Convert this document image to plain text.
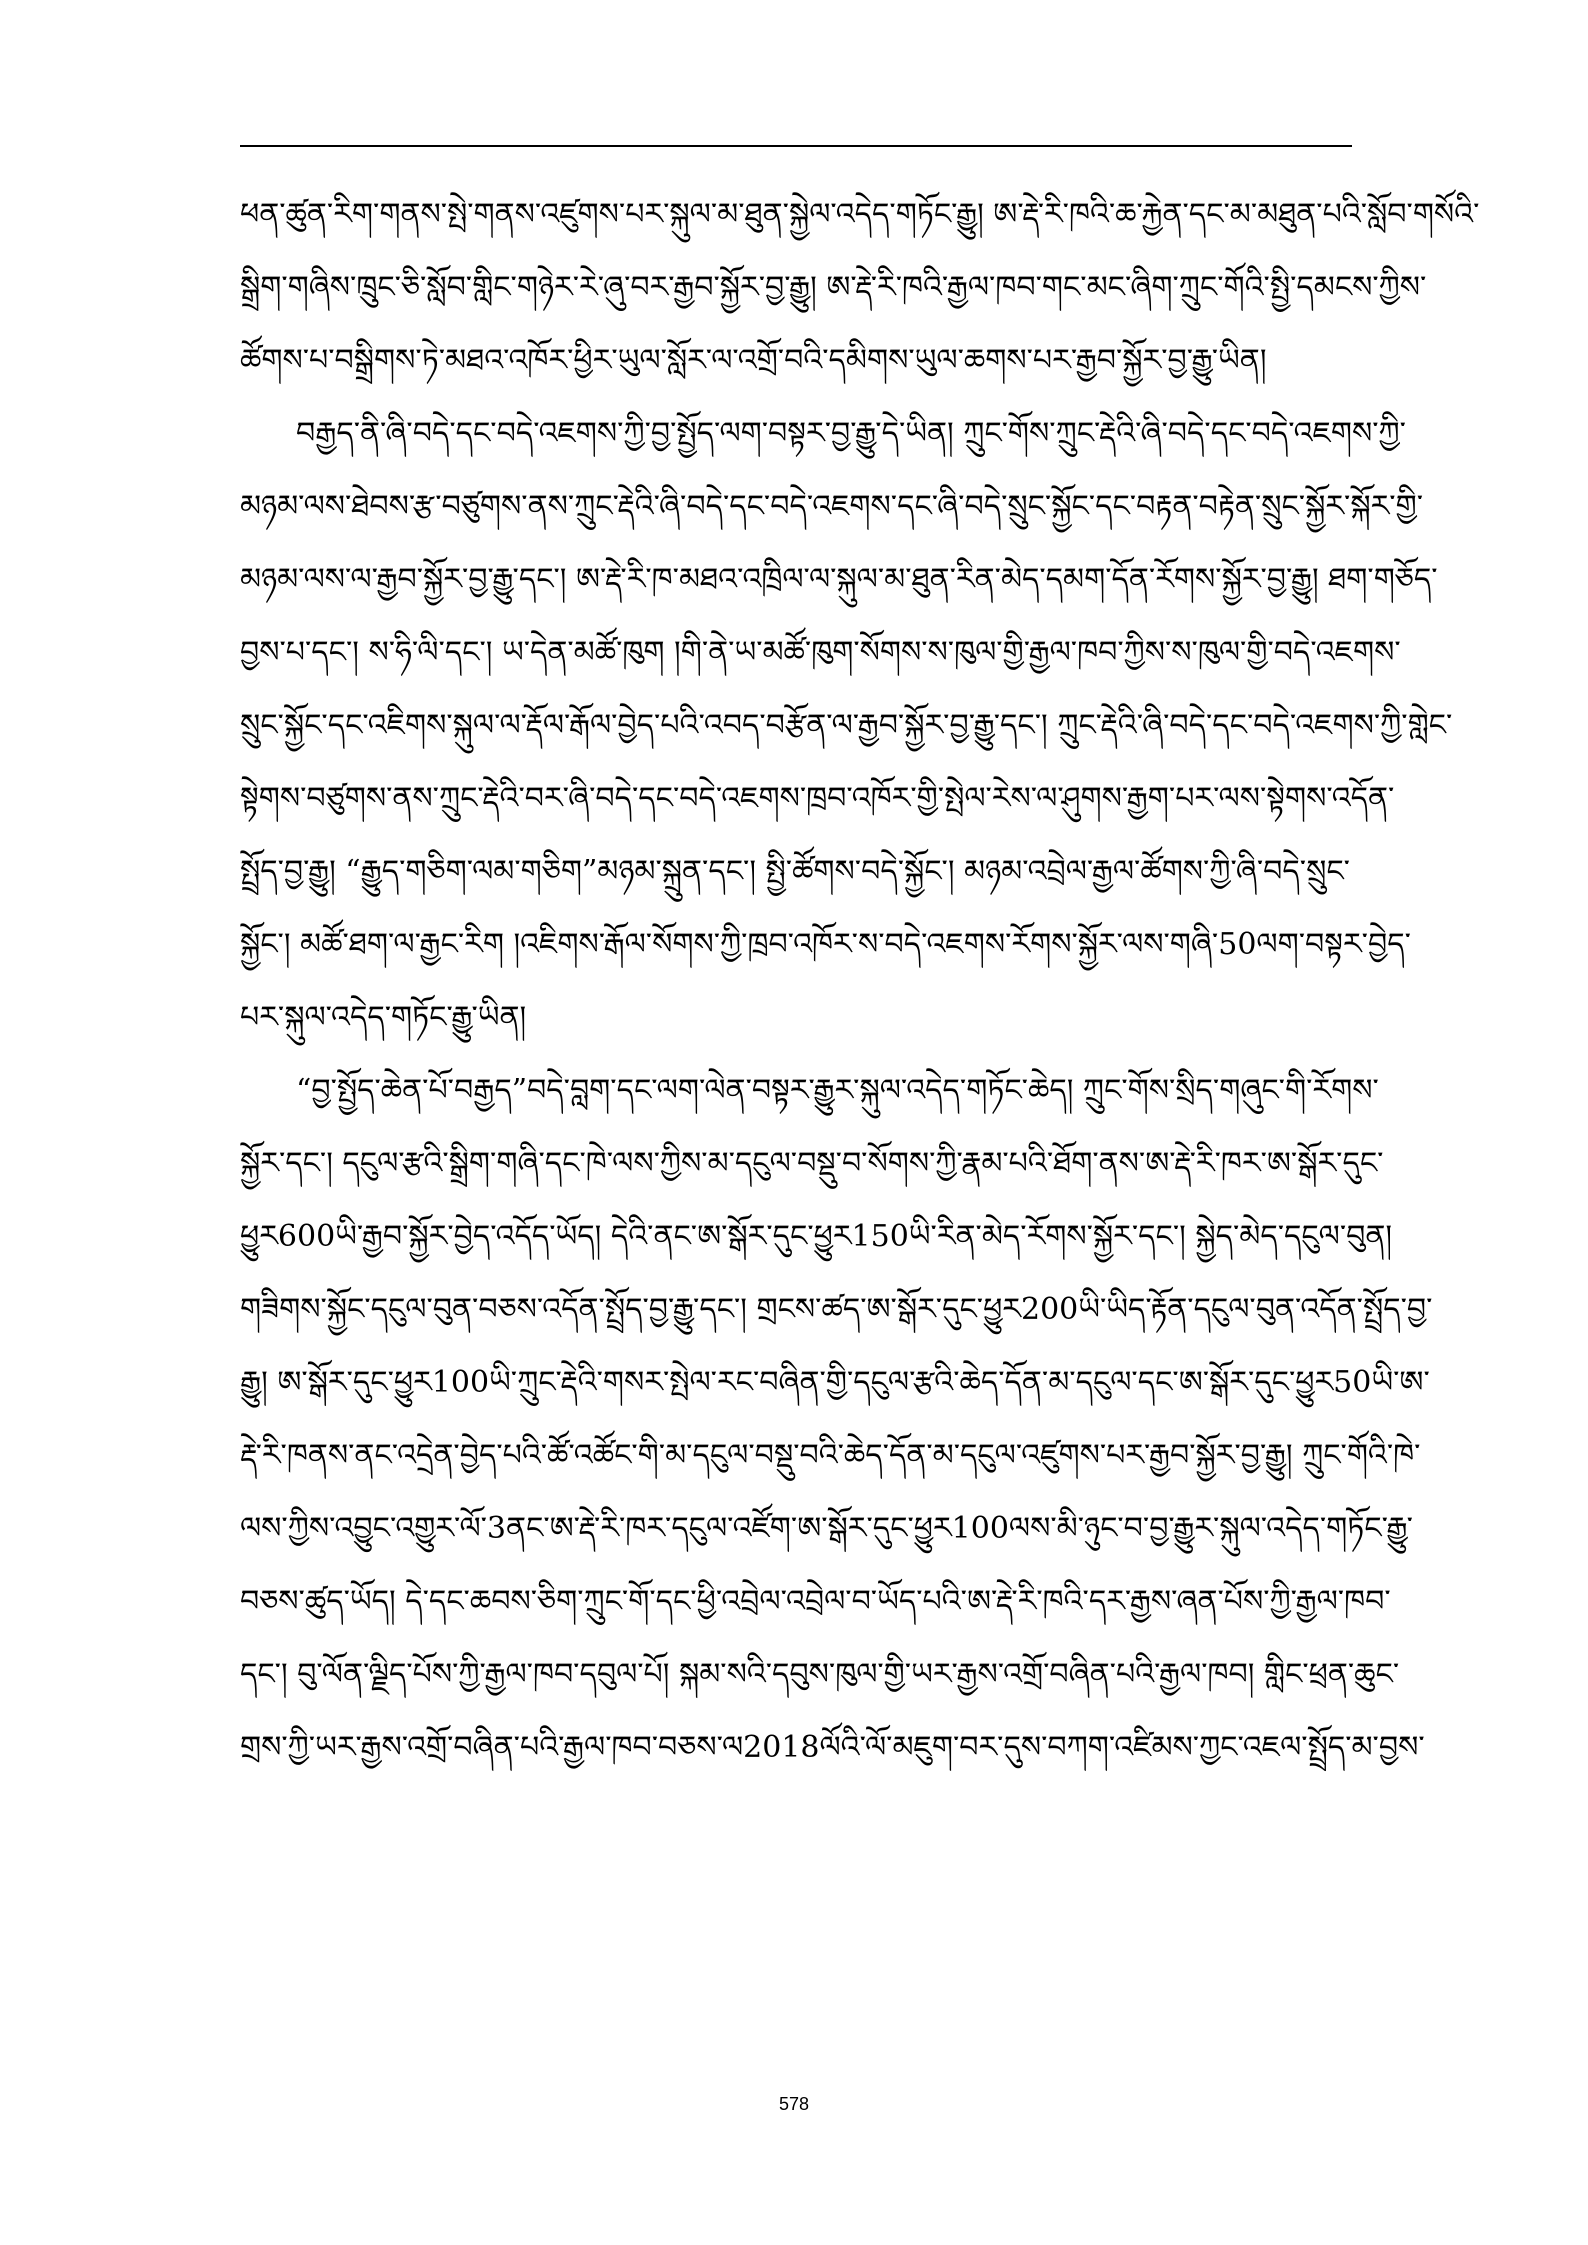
ཕན་ཚུན་རིག་གནས་སྤེ་གནས་འཛུགས་པར་སྐུལ་མ་ཐུན་སྐྱེལ་འདེད་གཏོང་རྒྱུ། ཨ་རྡེ་རི་ཁའི་ཆ་རྐྱེན་དང་མ་མཐུན་པའི་སློབ་གསོའི་
སྒྲིག་གཞིས་ཁྲུང་ཅི་སློབ་གླིང་གཉེར་རེ་ཞུ་བར་རྒྱབ་སྐྱོར་བྱ་རྒྱུ། ཨ་རྡེ་རི་ཁའི་རྒྱལ་ཁབ་གང་མང་ཞིག་ཀྲུང་གོའི་སྤྱི་དམངས་ཀྱིས་
ཚོགས་པ་བསྒྲིགས་ཏེ་མཐའ་འཁོར་ཕྱིར་ཡུལ་སློར་ལ་འགྲོ་བའི་དམིགས་ཡུལ་ཆགས་པར་རྒྱབ་སྐྱོར་བྱ་རྒྱུ་ཡིན།
བརྒྱད་ནི་ཞི་བདེ་དང་བདེ་འཇགས་ཀྱི་བྱ་སྤྱོད་ལག་བསྟར་བྱ་རྒྱུ་དེ་ཡིན། ཀྲུང་གོས་ཀྲུང་རྡེའི་ཞི་བདེ་དང་བདེ་འཇགས་ཀྱི་
མཉམ་ལས་ཐེབས་རྩ་བཙུགས་ནས་ཀྲུང་རྡེའི་ཞི་བདེ་དང་བདེ་འཇགས་དང་ཞི་བདེ་སྲུང་སྐྱོང་དང་བརྟན་བརྟེན་སྲུང་སྐྱོར་སྐོར་གྱི་
མཉམ་ལས་ལ་རྒྱབ་སྐྱོར་བྱ་རྒྱུ་དང་། ཨ་རྡེ་རི་ཁ་མཐའ་འཁྲིལ་ལ་སྐུལ་མ་ཐུན་རིན་མེད་དམག་དོན་རོགས་སྐྱོར་བྱ་རྒྱུ། ཐག་གཅོད་
བྱས་པ་དང་། ས་ཧི་ལི་དང་། ཡ་དེན་མཚོ་ཁུག །གི་ནེ་ཡ་མཚོ་ཁུག་སོགས་ས་ཁུལ་གྱི་རྒྱལ་ཁབ་ཀྱིས་ས་ཁུལ་གྱི་བདེ་འཇགས་
སྲུང་སྐྱོང་དང་འཇིགས་སྐུལ་ལ་རྡོལ་རྒོལ་བྱེད་པའི་འབད་བརྩོན་ལ་རྒྱབ་སྐྱོར་བྱ་རྒྱུ་དང་། ཀྲུང་རྡེའི་ཞི་བདེ་དང་བདེ་འཇགས་ཀྱི་གླེང་
སྟེགས་བཙུགས་ནས་ཀྲུང་རྡེའི་བར་ཞི་བདེ་དང་བདེ་འཇགས་ཁྲབ་འཁོར་གྱི་སྤེལ་རེས་ལ་ཤུགས་རྒྱག་པར་ལས་སྟེགས་འདོན་
སྤྲོད་བྱ་རྒྱུ། “རྒྱུད་གཅིག་ལམ་གཅིག”མཉམ་སྐྲུན་དང་། སྤྱི་ཚོགས་བདེ་སྐྱོང་། མཉམ་འབྲེལ་རྒྱལ་ཚོགས་ཀྱི་ཞི་བདེ་སྲུང་
སྐྱོང་། མཚོ་ཐག་ལ་རྒྱང་རིག །འཇིགས་རྒོལ་སོགས་ཀྱི་ཁྲབ་འཁོར་ས་བདེ་འཇགས་རོགས་སྐྱོར་ལས་གཞི་50ལག་བསྟར་བྱེད་
པར་སྐུལ་འདེད་གཏོང་རྒྱུ་ཡིན།
“བྱ་སྤྱོད་ཆེན་པོ་བརྒྱད”བདེ་བླག་དང་ལག་ལེན་བསྟར་རྒྱུར་སྐུལ་འདེད་གཏོང་ཆེད། ཀྲུང་གོས་སྲིད་གཞུང་གི་རོགས་
སྐྱོར་དང་། དངུལ་རྩའི་སྒྲིག་གཞི་དང་ཁེ་ལས་ཀྱིས་མ་དངུལ་བསྡུ་བ་སོགས་ཀྱི་རྣམ་པའི་ཐོག་ནས་ཨ་རྡེ་རི་ཁར་ཨ་སྒོར་དུང་
ཕྱུར600ཡི་རྒྱབ་སྐྱོར་བྱེད་འདོད་ཡོད། དེའི་ནང་ཨ་སྒོར་དུང་ཕྱུར150ཡི་རིན་མེད་རོགས་སྐྱོར་དང་། སྐྱེད་མེད་དངུལ་བུན།
གཟིགས་སྐྱོང་དངུལ་བུན་བཅས་འདོན་སྤྲོད་བྱ་རྒྱུ་དང་། གྲངས་ཚད་ཨ་སྒོར་དུང་ཕྱུར200ཡི་ཡིད་རྟོན་དངུལ་བུན་འདོན་སྤྲོད་བྱ་
རྒྱུ། ཨ་སྒོར་དུང་ཕྱུར100ཡི་ཀྲུང་རྡེའི་གསར་སྤེལ་རང་བཞིན་གྱི་དངུལ་རྩའི་ཆེད་དོན་མ་དངུལ་དང་ཨ་སྒོར་དུང་ཕྱུར50ཡི་ཨ་
རྡེ་རི་ཁནས་ནང་འདྲེན་བྱེད་པའི་ཚོ་འཚོང་གི་མ་དངུལ་བསྡུ་བའི་ཆེད་དོན་མ་དངུལ་འཛུགས་པར་རྒྱབ་སྐྱོར་བྱ་རྒྱུ། ཀྲུང་གོའི་ཁེ་
ལས་ཀྱིས་འབྱུང་འགྱུར་ལོ་3ནང་ཨ་རྡེ་རི་ཁར་དངུལ་འཛོག་ཨ་སྒོར་དུང་ཕྱུར100ལས་མི་ཉུང་བ་བྱ་རྒྱུར་སྐུལ་འདེད་གཏོང་རྒྱུ་
བཅས་ཚུད་ཡོད། དེ་དང་ཆབས་ཅིག་ཀྲུང་གོ་དང་ཕྱི་འབྲེལ་འབྲེལ་བ་ཡོད་པའི་ཨ་རྡེ་རི་ཁའི་དར་རྒྱས་ཞན་པོས་ཀྱི་རྒྱལ་ཁབ་
དང་། བུ་ལོན་ལྗིད་པོས་ཀྱི་རྒྱལ་ཁབ་དབུལ་པོ། སྐམ་སའི་དབུས་ཁུལ་གྱི་ཡར་རྒྱས་འགྲོ་བཞིན་པའི་རྒྱལ་ཁབ། གླིང་ཕྲན་ཆུང་
གྲས་ཀྱི་ཡར་རྒྱས་འགྲོ་བཞིན་པའི་རྒྱལ་ཁབ་བཅས་ལ2018ལོའི་ལོ་མཇུག་བར་དུས་བཀག་འཛིམས་ཀྱང་འཇལ་སྤྲོད་མ་བྱས་
578
